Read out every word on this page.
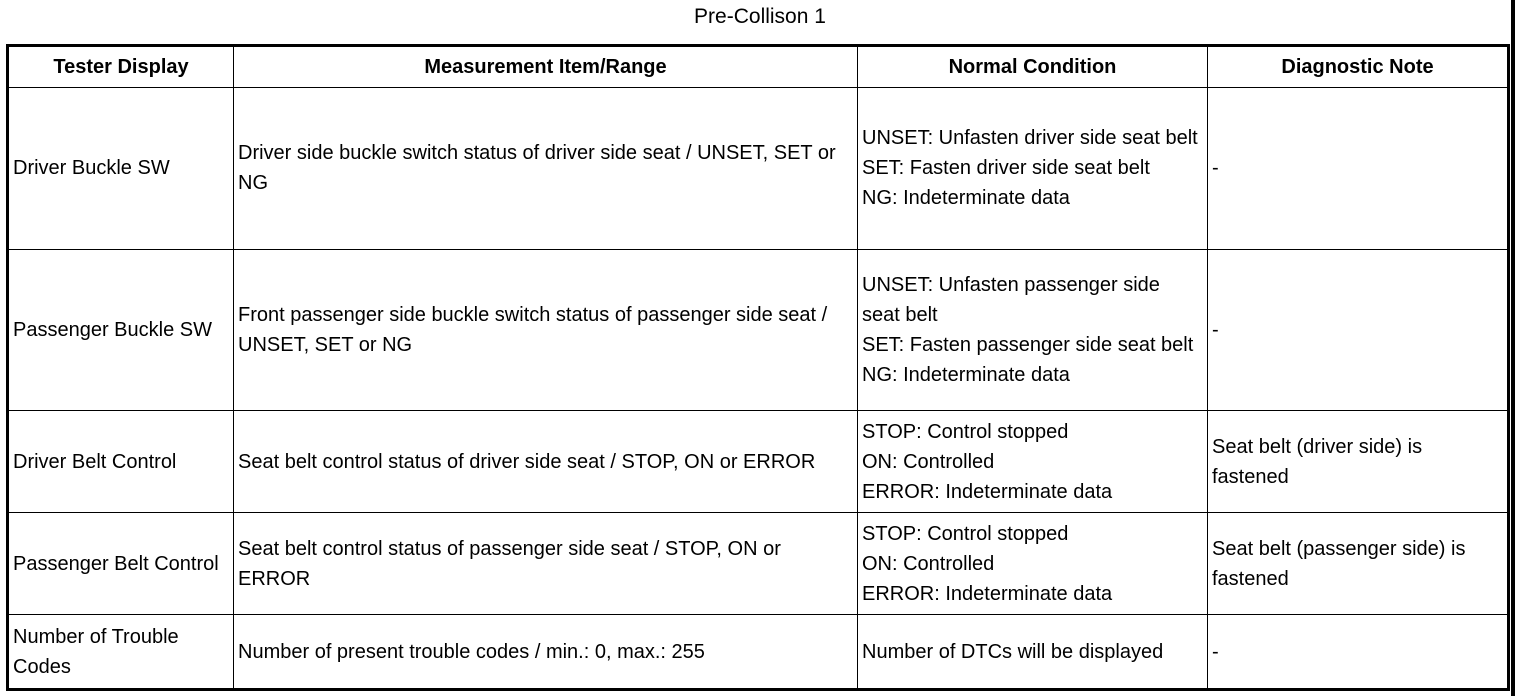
Pre-Collison 1
Tester Display	Measurement Item/Range	Normal Condition	Diagnostic Note
Driver Buckle SW	Driver side buckle switch status of driver side seat / UNSET, SET or NG	UNSET: Unfasten driver side seat belt
SET: Fasten driver side seat belt
NG: Indeterminate data	-
Passenger Buckle SW	Front passenger side buckle switch status of passenger side seat / UNSET, SET or NG	UNSET: Unfasten passenger side seat belt
SET: Fasten passenger side seat belt
NG: Indeterminate data	-
Driver Belt Control	Seat belt control status of driver side seat / STOP, ON or ERROR	STOP: Control stopped
ON: Controlled
ERROR: Indeterminate data	Seat belt (driver side) is fastened
Passenger Belt Control	Seat belt control status of passenger side seat / STOP, ON or ERROR	STOP: Control stopped
ON: Controlled
ERROR: Indeterminate data	Seat belt (passenger side) is fastened
Number of Trouble Codes	Number of present trouble codes / min.: 0, max.: 255	Number of DTCs will be displayed	-
